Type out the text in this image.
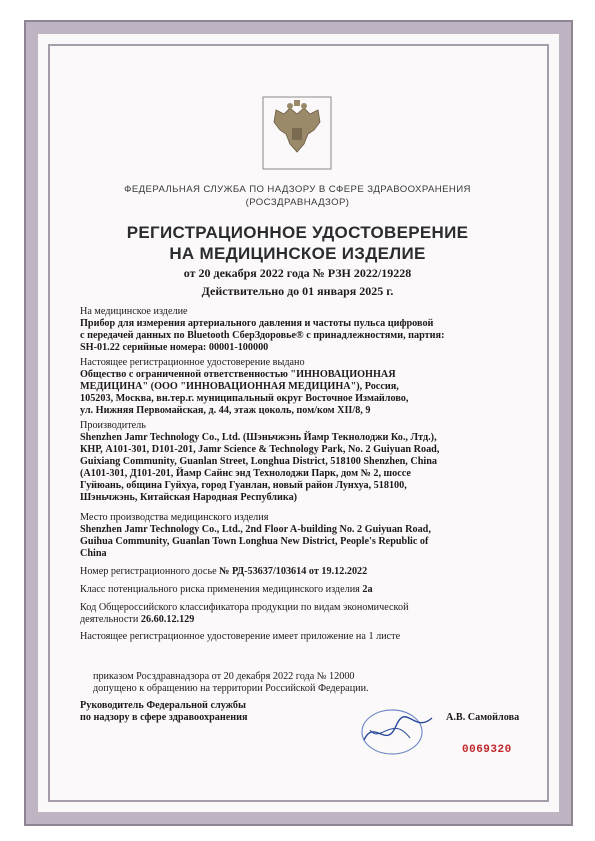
ФЕДЕРАЛЬНАЯ СЛУЖБА ПО НАДЗОРУ В СФЕРЕ ЗДРАВООХРАНЕНИЯ
(РОСЗДРАВНАДЗОР)
РЕГИСТРАЦИОННОЕ УДОСТОВЕРЕНИЕ
НА МЕДИЦИНСКОЕ ИЗДЕЛИЕ
от 20 декабря 2022 года № РЗН 2022/19228
Действительно до 01 января 2025 г.
На медицинское изделие
Прибор для измерения артериального давления и частоты пульса цифровой
с передачей данных по Bluetooth СберЗдоровье® с принадлежностями, партия:
SH-01.22 серийные номера: 00001-100000
Настоящее регистрационное удостоверение выдано
Общество с ограниченной ответственностью "ИННОВАЦИОННАЯ
МЕДИЦИНА" (ООО "ИННОВАЦИОННАЯ МЕДИЦИНА"), Россия,
105203, Москва, вн.тер.г. муниципальный округ Восточное Измайлово,
ул. Нижняя Первомайская, д. 44, этаж цоколь, пом/ком XII/8, 9
Производитель
Shenzhen Jamr Technology Co., Ltd. (Шэньчжэнь Йамр Текнолоджи Ко., Лтд.),
КНР, A101-301, D101-201, Jamr Science & Technology Park, No. 2 Guiyuan Road,
Guixiang Community, Guanlan Street, Longhua District, 518100 Shenzhen, China
(A101-301, Д101-201, Йамр Сайнс энд Технолоджи Парк, дом № 2, шоссе
Гуйюань, община Гуйхуа, город Гуанлан, новый район Лунхуа, 518100,
Шэньчжэнь, Китайская Народная Республика)
Место производства медицинского изделия
Shenzhen Jamr Technology Co., Ltd., 2nd Floor A-building No. 2 Guiyuan Road,
Guihua Community, Guanlan Town Longhua New District, People's Republic of
China
Номер регистрационного досье № РД-53637/103614 от 19.12.2022
Класс потенциального риска применения медицинского изделия 2а
Код Общероссийского классификатора продукции по видам экономической
деятельности 26.60.12.129
Настоящее регистрационное удостоверение имеет приложение на 1 листе
приказом Росздравнадзора от 20 декабря 2022 года № 12000
допущено к обращению на территории Российской Федерации.
Руководитель Федеральной службы
по надзору в сфере здравоохранения	А.В. Самойлова
0069320
